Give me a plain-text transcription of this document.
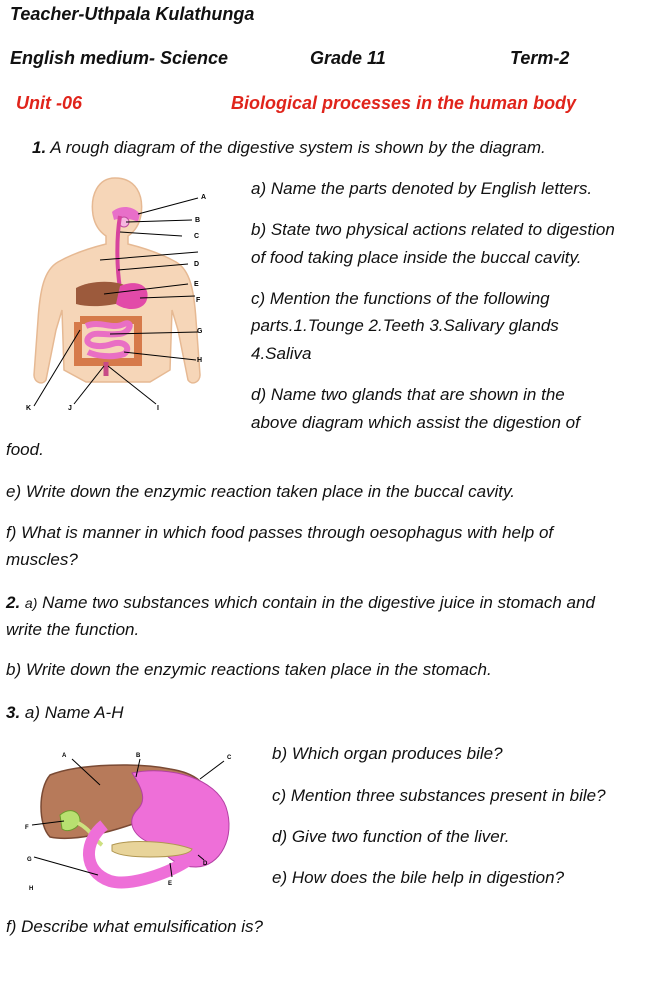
Teacher-Uthpala Kulathunga
English medium- Science	Grade 11	Term-2
Unit -06	Biological processes in the human body
1. A rough diagram of the digestive system is shown by the diagram.
A
B
C
D
E
F
G
H
I
J
K
a) Name the parts denoted by English letters.
b) State two physical actions related to digestion
of food taking place inside the buccal cavity.
c) Mention the functions of the following
parts.1.Tounge 2.Teeth 3.Salivary glands
4.Saliva
d) Name two glands that are shown in the
above diagram which assist the digestion of
food.
e) Write down the enzymic reaction taken place in the buccal cavity.
f) What is manner in which food passes through oesophagus with help of
muscles?
2. a) Name two substances which contain in the digestive juice in stomach and
write the function.
b) Write down the enzymic reactions taken place in the stomach.
3. a) Name A-H
A	B	C
D
E
F
G
H
b) Which organ produces bile?
c) Mention three substances present in bile?
d) Give two function of the liver.
e) How does the bile help in digestion?
f) Describe what emulsification is?
